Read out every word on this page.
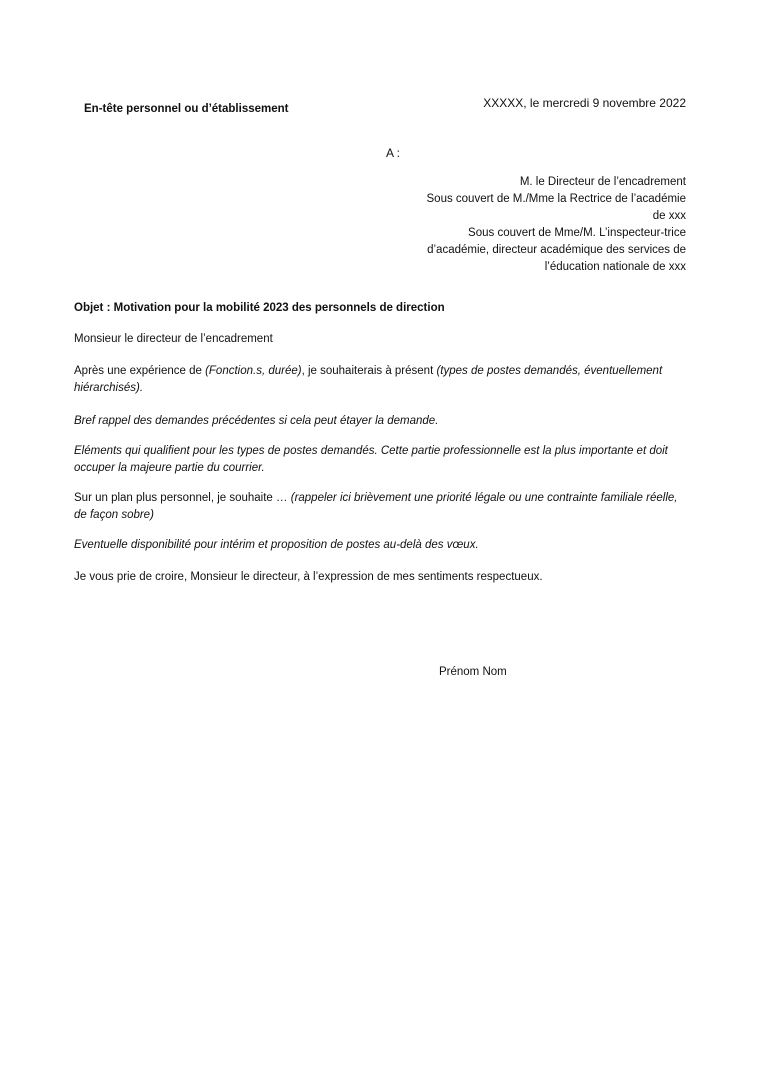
En-tête personnel ou d’établissement	XXXXX, le mercredi 9 novembre 2022
A :
M. le Directeur de l’encadrement
Sous couvert de M./Mme la Rectrice de l’académie
de xxx
Sous couvert de Mme/M. L’inspecteur-trice
d’académie, directeur académique des services de
l’éducation nationale de xxx
Objet : Motivation pour la mobilité 2023 des personnels de direction
Monsieur le directeur de l’encadrement
Après une expérience de (Fonction.s, durée), je souhaiterais à présent (types de postes demandés, éventuellement hiérarchisés).
Bref rappel des demandes précédentes si cela peut étayer la demande.
Eléments qui qualifient pour les types de postes demandés. Cette partie professionnelle est la plus importante et doit occuper la majeure partie du courrier.
Sur un plan plus personnel, je souhaite … (rappeler ici brièvement une priorité légale ou une contrainte familiale réelle, de façon sobre)
Eventuelle disponibilité pour intérim et proposition de postes au-delà des vœux.
Je vous prie de croire, Monsieur le directeur, à l’expression de mes sentiments respectueux.
Prénom Nom
